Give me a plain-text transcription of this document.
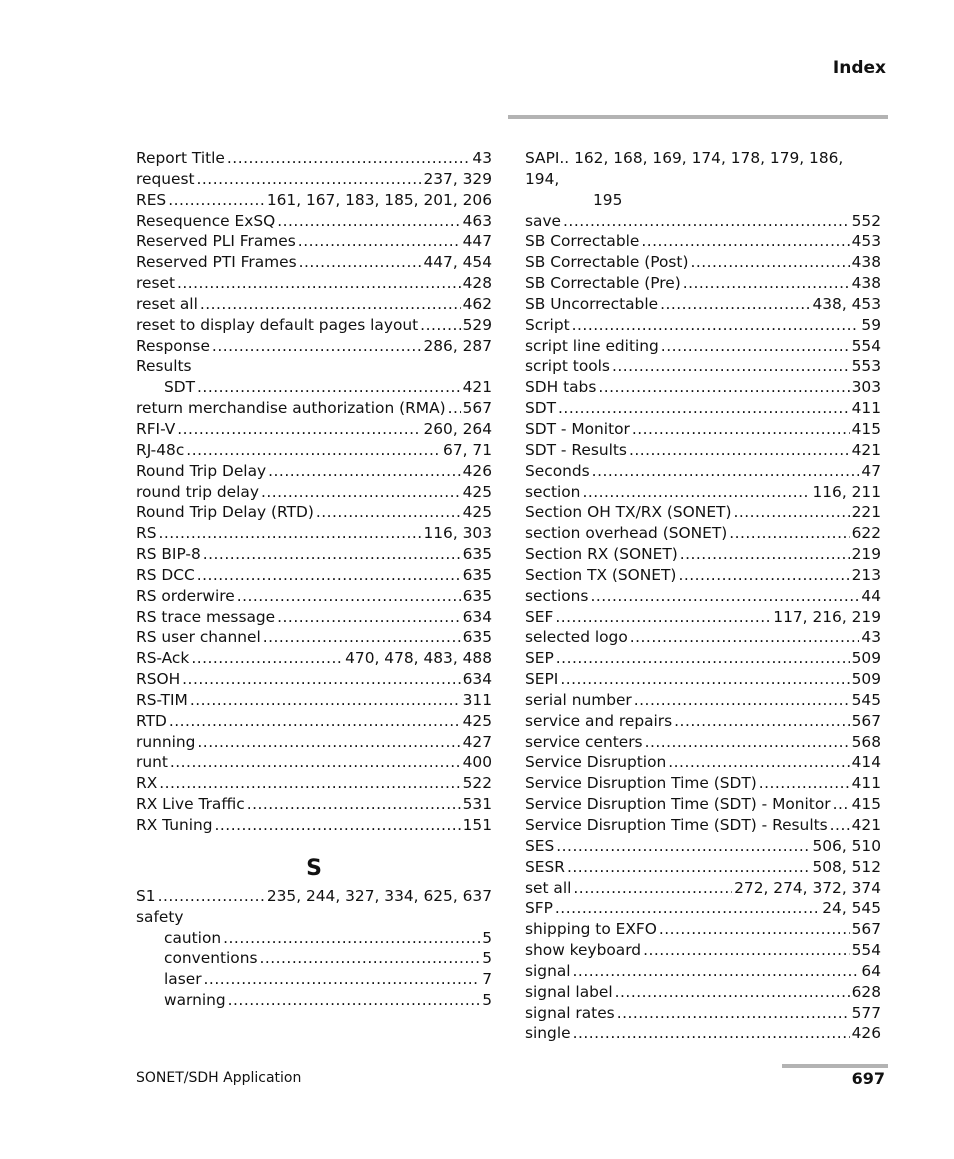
Index
Report Title .....	43
request .....	237, 329
RES .....	161, 167, 183, 185, 201, 206
Resequence ExSQ .....	463
Reserved PLI Frames .....	447
Reserved PTI Frames .....	447, 454
reset .....	428
reset all .....	462
reset to display default pages layout .....	529
Response .....	286, 287
Results
SDT .....	421
return merchandise authorization (RMA) ..... 567
RFI-V .....	260, 264
RJ-48c .....	67, 71
Round Trip Delay .....	426
round trip delay .....	425
Round Trip Delay (RTD) .....	425
RS .....	116, 303
RS BIP-8 .....	635
RS DCC .....	635
RS orderwire .....	635
RS trace message .....	634
RS user channel .....	635
RS-Ack .....	470, 478, 483, 488
RSOH .....	634
RS-TIM .....	311
RTD .....	425
running .....	427
runt .....	400
RX .....	522
RX Live Traffic .....	531
RX Tuning .....	151
S
S1 .....	235, 244, 327, 334, 625, 637
safety
caution .....	5
conventions .....	5
laser .....	7
warning .....	5
SAPI.. 162, 168, 169, 174, 178, 179, 186, 194,
195
save .....	552
SB Correctable .....	453
SB Correctable (Post) .....	438
SB Correctable (Pre) .....	438
SB Uncorrectable .....	438, 453
Script .....	59
script line editing .....	554
script tools .....	553
SDH tabs .....	303
SDT .....	411
SDT - Monitor .....	415
SDT - Results .....	421
Seconds .....	47
section .....	116, 211
Section OH TX/RX (SONET) .....	221
section overhead (SONET) .....	622
Section RX (SONET) .....	219
Section TX (SONET) .....	213
sections .....	44
SEF .....	117, 216, 219
selected logo .....	43
SEP .....	509
SEPI .....	509
serial number .....	545
service and repairs .....	567
service centers .....	568
Service Disruption .....	414
Service Disruption Time (SDT) .....	411
Service Disruption Time (SDT) - Monitor ..... 415
Service Disruption Time (SDT) - Results ..... 421
SES .....	506, 510
SESR .....	508, 512
set all .....	272, 274, 372, 374
SFP .....	24, 545
shipping to EXFO .....	567
show keyboard .....	554
signal .....	64
signal label .....	628
signal rates .....	577
single .....	426
SONET/SDH Application	697
